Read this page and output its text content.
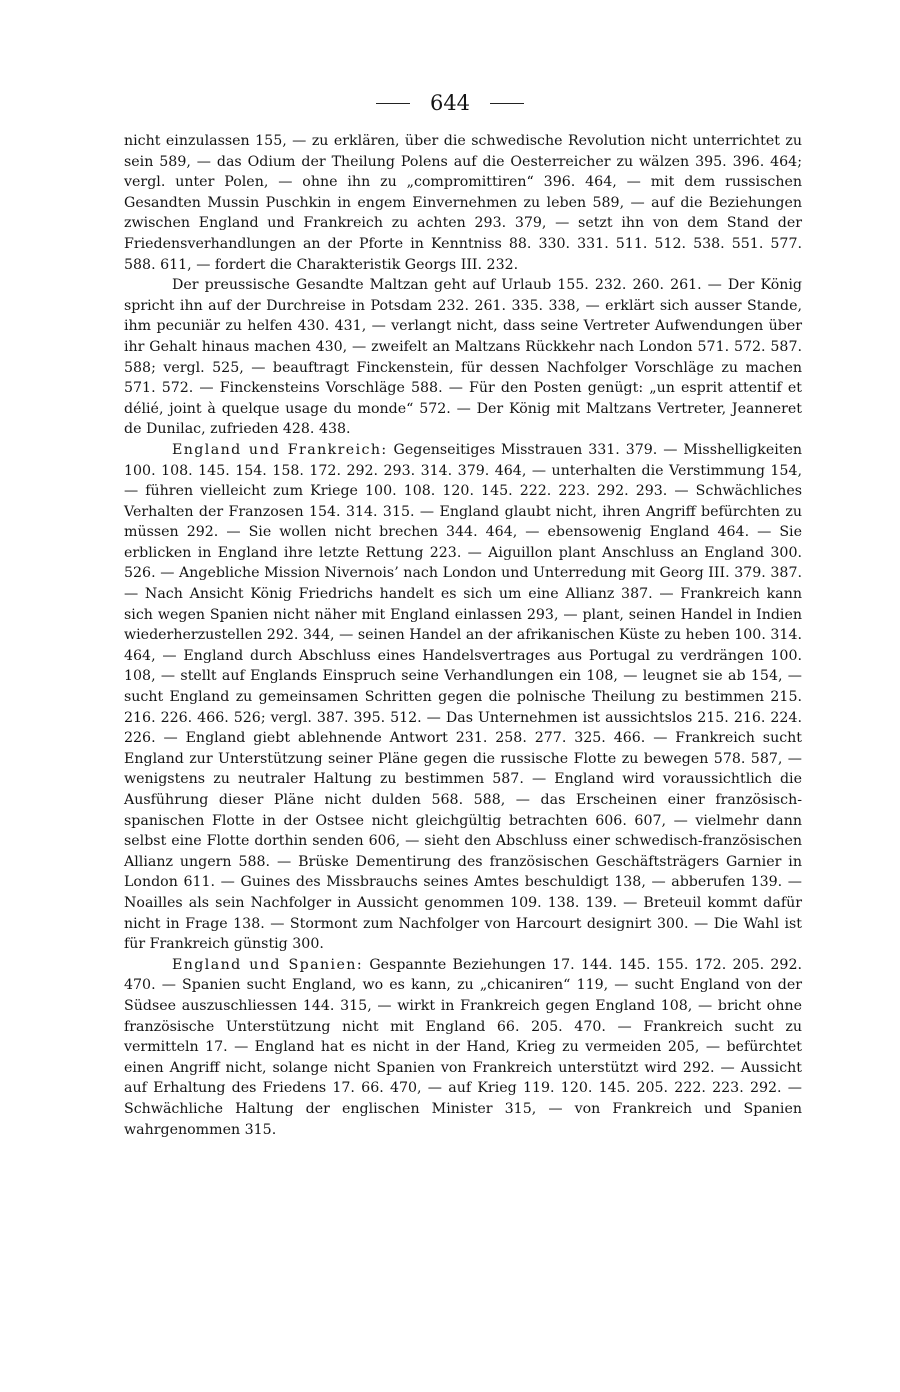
644

nicht einzulassen 155, — zu erklären, über die schwedische Revolution nicht unterrichtet zu sein 589, — das Odium der Theilung Polens auf die Oesterreicher zu wälzen 395. 396. 464; vergl. unter Polen, — ohne ihn zu „compromittiren“ 396. 464, — mit dem russischen Gesandten Mussin Puschkin in engem Einvernehmen zu leben 589, — auf die Beziehungen zwischen England und Frankreich zu achten 293. 379, — setzt ihn von dem Stand der Friedensverhandlungen an der Pforte in Kenntniss 88. 330. 331. 511. 512. 538. 551. 577. 588. 611, — fordert die Charakteristik Georgs III. 232.

Der preussische Gesandte Maltzan geht auf Urlaub 155. 232. 260. 261. — Der König spricht ihn auf der Durchreise in Potsdam 232. 261. 335. 338, — erklärt sich ausser Stande, ihm pecuniär zu helfen 430. 431, — verlangt nicht, dass seine Vertreter Aufwendungen über ihr Gehalt hinaus machen 430, — zweifelt an Maltzans Rückkehr nach London 571. 572. 587. 588; vergl. 525, — beauftragt Finckenstein, für dessen Nachfolger Vorschläge zu machen 571. 572. — Finckensteins Vorschläge 588. — Für den Posten genügt: „un esprit attentif et délié, joint à quelque usage du monde“ 572. — Der König mit Maltzans Vertreter, Jeanneret de Dunilac, zufrieden 428. 438.

England und Frankreich: Gegenseitiges Misstrauen 331. 379. — Misshelligkeiten 100. 108. 145. 154. 158. 172. 292. 293. 314. 379. 464, — unterhalten die Verstimmung 154, — führen vielleicht zum Kriege 100. 108. 120. 145. 222. 223. 292. 293. — Schwächliches Verhalten der Franzosen 154. 314. 315. — England glaubt nicht, ihren Angriff befürchten zu müssen 292. — Sie wollen nicht brechen 344. 464, — ebensowenig England 464. — Sie erblicken in England ihre letzte Rettung 223. — Aiguillon plant Anschluss an England 300. 526. — Angebliche Mission Nivernois’ nach London und Unterredung mit Georg III. 379. 387. — Nach Ansicht König Friedrichs handelt es sich um eine Allianz 387. — Frankreich kann sich wegen Spanien nicht näher mit England einlassen 293, — plant, seinen Handel in Indien wiederherzustellen 292. 344, — seinen Handel an der afrikanischen Küste zu heben 100. 314. 464, — England durch Abschluss eines Handelsvertrages aus Portugal zu verdrängen 100. 108, — stellt auf Englands Einspruch seine Verhandlungen ein 108, — leugnet sie ab 154, — sucht England zu gemeinsamen Schritten gegen die polnische Theilung zu bestimmen 215. 216. 226. 466. 526; vergl. 387. 395. 512. — Das Unternehmen ist aussichtslos 215. 216. 224. 226. — England giebt ablehnende Antwort 231. 258. 277. 325. 466. — Frankreich sucht England zur Unterstützung seiner Pläne gegen die russische Flotte zu bewegen 578. 587, — wenigstens zu neutraler Haltung zu bestimmen 587. — England wird voraussichtlich die Ausführung dieser Pläne nicht dulden 568. 588, — das Erscheinen einer französisch-spanischen Flotte in der Ostsee nicht gleichgültig betrachten 606. 607, — vielmehr dann selbst eine Flotte dorthin senden 606, — sieht den Abschluss einer schwedisch-französischen Allianz ungern 588. — Brüske Dementirung des französischen Geschäftsträgers Garnier in London 611. — Guines des Missbrauchs seines Amtes beschuldigt 138, — abberufen 139. — Noailles als sein Nachfolger in Aussicht genommen 109. 138. 139. — Breteuil kommt dafür nicht in Frage 138. — Stormont zum Nachfolger von Harcourt designirt 300. — Die Wahl ist für Frankreich günstig 300.

England und Spanien: Gespannte Beziehungen 17. 144. 145. 155. 172. 205. 292. 470. — Spanien sucht England, wo es kann, zu „chicaniren“ 119, — sucht England von der Südsee auszuschliessen 144. 315, — wirkt in Frankreich gegen England 108, — bricht ohne französische Unterstützung nicht mit England 66. 205. 470. — Frankreich sucht zu vermitteln 17. — England hat es nicht in der Hand, Krieg zu vermeiden 205, — befürchtet einen Angriff nicht, solange nicht Spanien von Frankreich unterstützt wird 292. — Aussicht auf Erhaltung des Friedens 17. 66. 470, — auf Krieg 119. 120. 145. 205. 222. 223. 292. — Schwächliche Haltung der englischen Minister 315, — von Frankreich und Spanien wahrgenommen 315.
